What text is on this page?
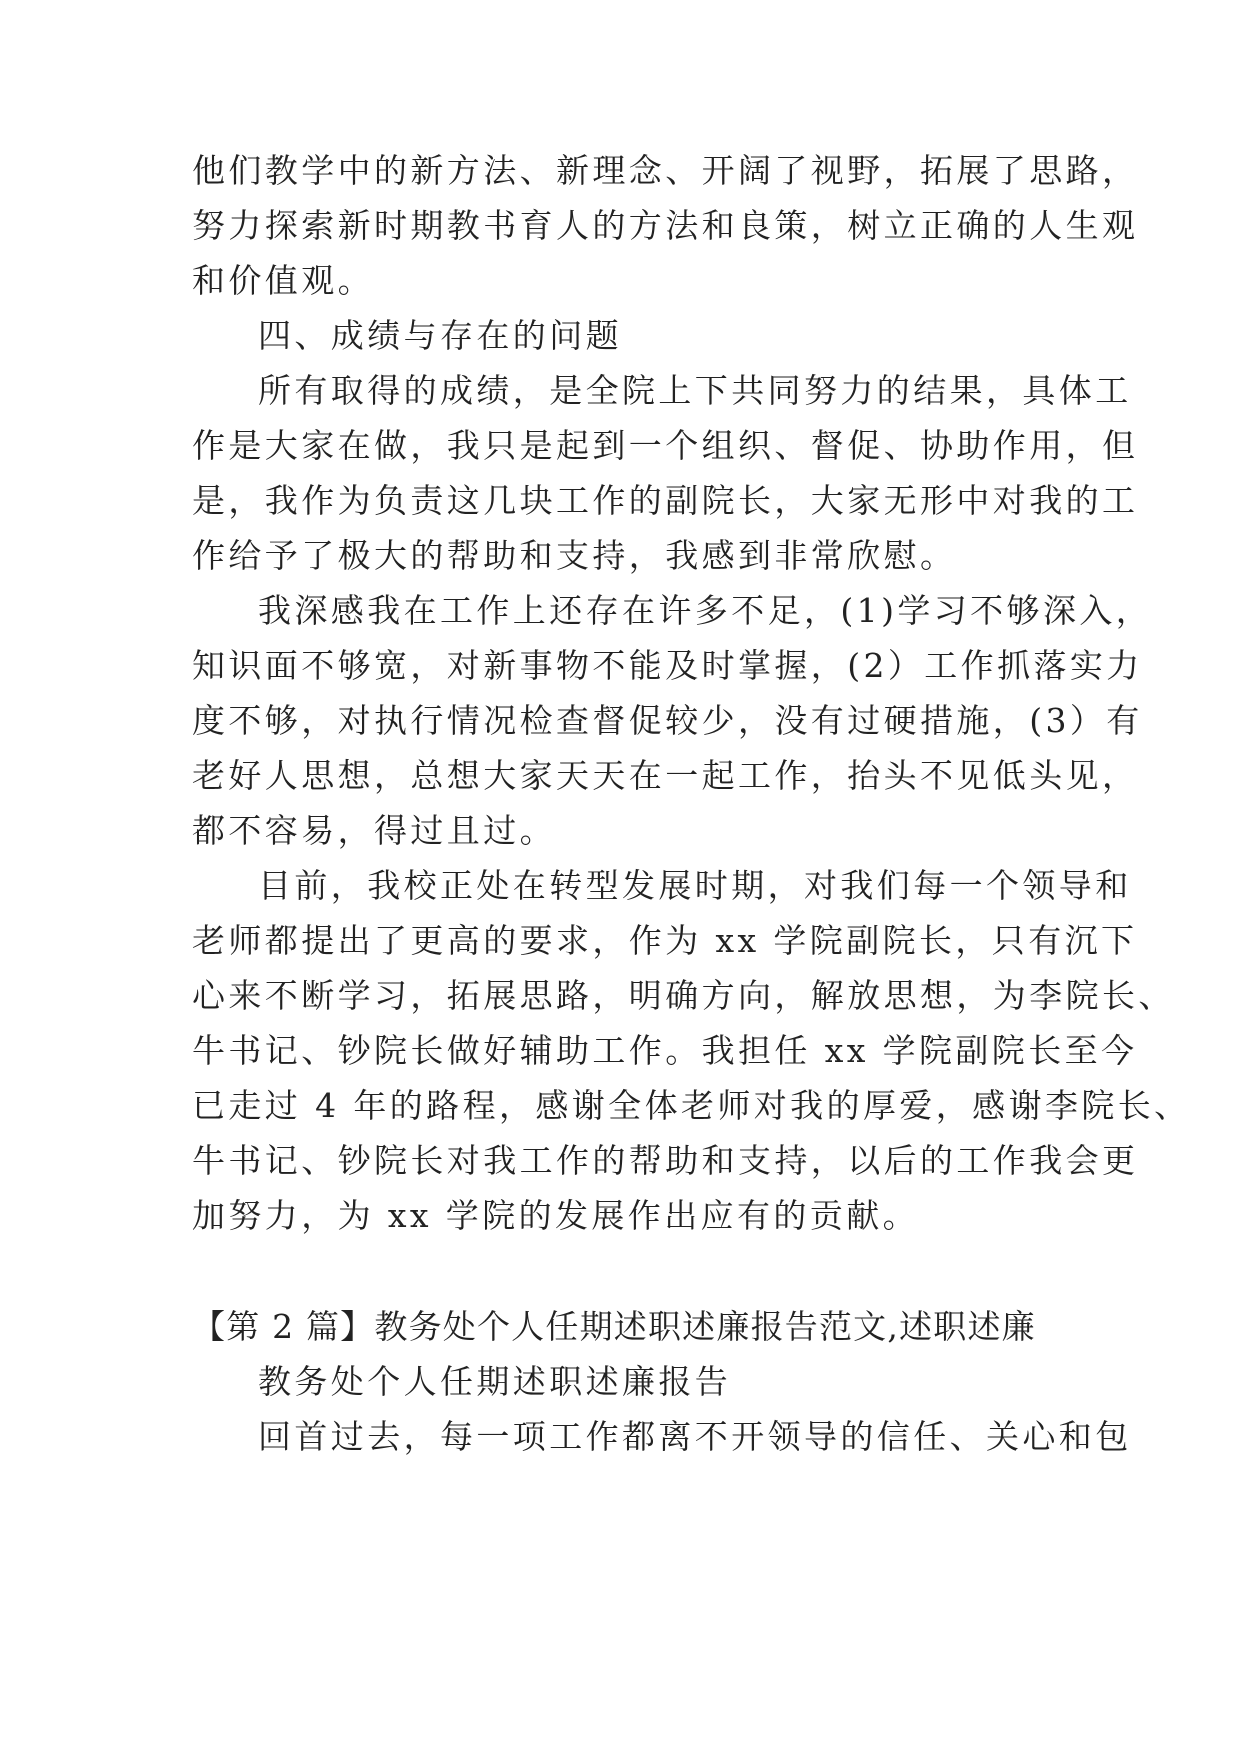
他们教学中的新方法、新理念、开阔了视野，拓展了思路，
努力探索新时期教书育人的方法和良策，树立正确的人生观
和价值观。
四、成绩与存在的问题
所有取得的成绩，是全院上下共同努力的结果，具体工
作是大家在做，我只是起到一个组织、督促、协助作用，但
是，我作为负责这几块工作的副院长，大家无形中对我的工
作给予了极大的帮助和支持，我感到非常欣慰。
我深感我在工作上还存在许多不足，(1)学习不够深入，
知识面不够宽，对新事物不能及时掌握，(2）工作抓落实力
度不够，对执行情况检查督促较少，没有过硬措施，(3）有
老好人思想，总想大家天天在一起工作，抬头不见低头见，
都不容易，得过且过。
目前，我校正处在转型发展时期，对我们每一个领导和
老师都提出了更高的要求，作为 xx 学院副院长，只有沉下
心来不断学习，拓展思路，明确方向，解放思想，为李院长、
牛书记、钞院长做好辅助工作。我担任 xx 学院副院长至今
已走过 4 年的路程，感谢全体老师对我的厚爱，感谢李院长、
牛书记、钞院长对我工作的帮助和支持，以后的工作我会更
加努力，为 xx 学院的发展作出应有的贡献。
【第 2 篇】教务处个人任期述职述廉报告范文,述职述廉
教务处个人任期述职述廉报告
回首过去，每一项工作都离不开领导的信任、关心和包
